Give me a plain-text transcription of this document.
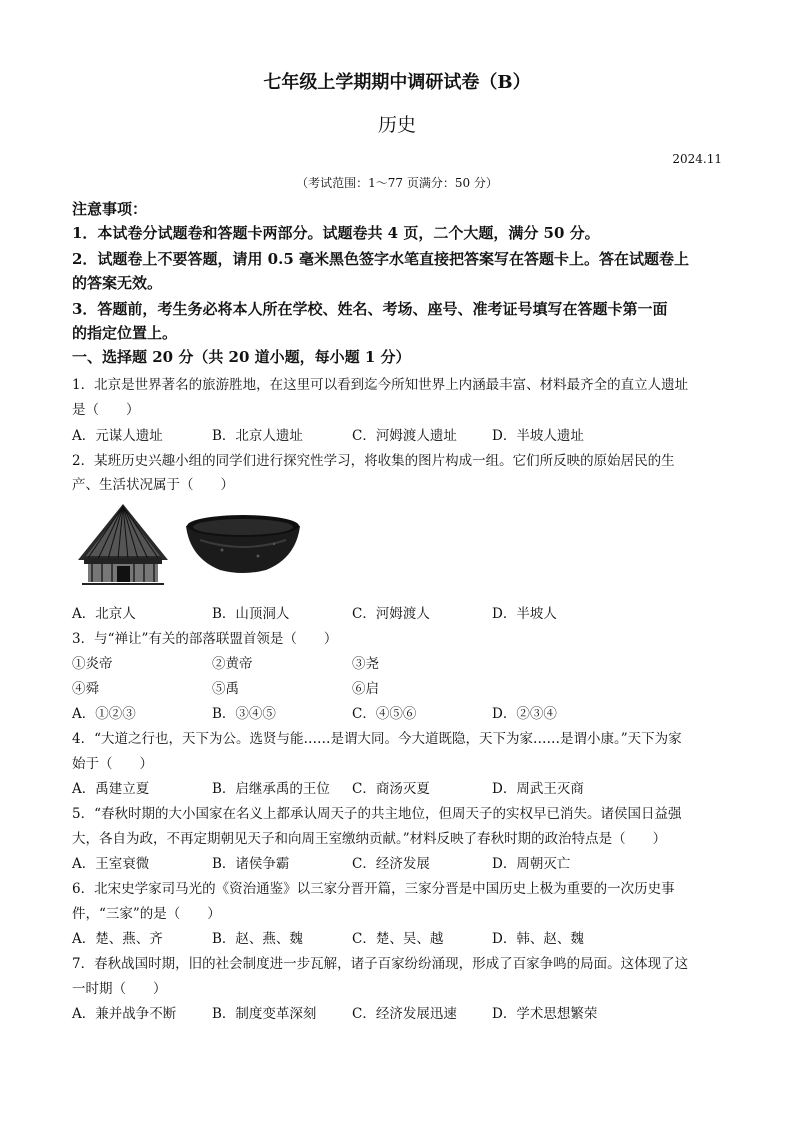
七年级上学期期中调研试卷（B）
历史
2024.11
（考试范围：1～77 页满分：50 分）
注意事项：
1．本试卷分试题卷和答题卡两部分。试题卷共 4 页，二个大题，满分 50 分。
2．试题卷上不要答题，请用 0.5 毫米黑色签字水笔直接把答案写在答题卡上。答在试题卷上
的答案无效。
3．答题前，考生务必将本人所在学校、姓名、考场、座号、准考证号填写在答题卡第一面
的指定位置上。
一、选择题 20 分（共 20 道小题，每小题 1 分）
1．北京是世界著名的旅游胜地，在这里可以看到迄今所知世界上内涵最丰富、材料最齐全的直立人遗址
是（　　）
A．元谋人遗址	B．北京人遗址	C．河姆渡人遗址	D．半坡人遗址
2．某班历史兴趣小组的同学们进行探究性学习，将收集的图片构成一组。它们所反映的原始居民的生
产、生活状况属于（　　）
A．北京人	B．山顶洞人	C．河姆渡人	D．半坡人
3．与“禅让”有关的部落联盟首领是（　　）
①炎帝	②黄帝	③尧
④舜	⑤禹	⑥启
A．①②③	B．③④⑤	C．④⑤⑥	D．②③④
4．“大道之行也，天下为公。选贤与能……是谓大同。今大道既隐，天下为家……是谓小康。”天下为家
始于（　　）
A．禹建立夏	B．启继承禹的王位 C．商汤灭夏	D．周武王灭商
5．“春秋时期的大小国家在名义上都承认周天子的共主地位，但周天子的实权早已消失。诸侯国日益强
大，各自为政，不再定期朝见天子和向周王室缴纳贡献。”材料反映了春秋时期的政治特点是（　　）
A．王室衰微	B．诸侯争霸	C．经济发展	D．周朝灭亡
6．北宋史学家司马光的《资治通鉴》以三家分晋开篇，三家分晋是中国历史上极为重要的一次历史事
件，“三家”的是（　　）
A．楚、燕、齐	B．赵、燕、魏	C．楚、吴、越	D．韩、赵、魏
7．春秋战国时期，旧的社会制度进一步瓦解，诸子百家纷纷涌现，形成了百家争鸣的局面。这体现了这
一时期（　　）
A．兼并战争不断	B．制度变革深刻	C．经济发展迅速	D．学术思想繁荣
